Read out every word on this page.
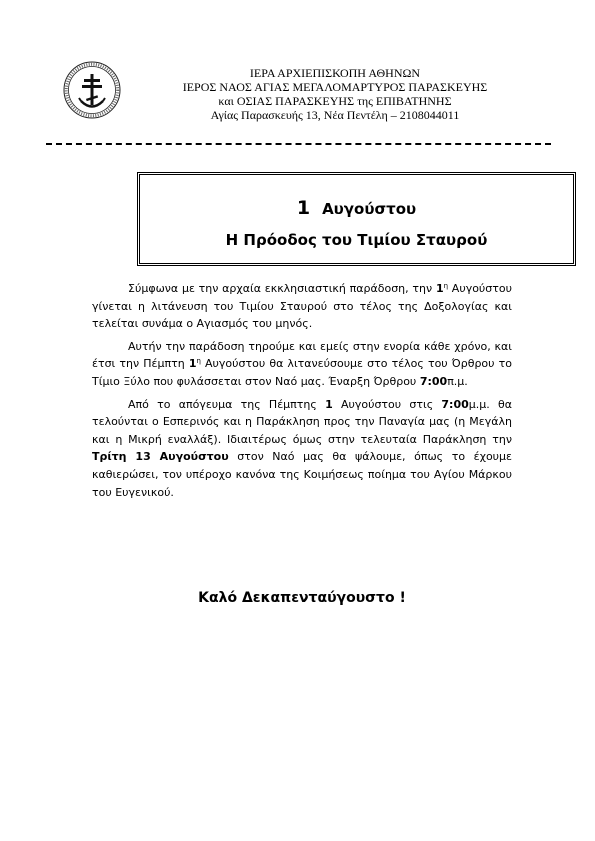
ΙΕΡΑ ΑΡΧΙΕΠΙΣΚΟΠΗ ΑΘΗΝΩΝ
ΙΕΡΟΣ ΝΑΟΣ ΑΓΙΑΣ ΜΕΓΑΛΟΜΑΡΤΥΡΟΣ ΠΑΡΑΣΚΕΥΗΣ
και ΟΣΙΑΣ ΠΑΡΑΣΚΕΥΗΣ της ΕΠΙΒΑΤΗΝΗΣ
Αγίας Παρασκευής 13, Νέα Πεντέλη – 2108044011
1 Αυγούστου
Η Πρόοδος του Τιμίου Σταυρού

Σύμφωνα με την αρχαία εκκλησιαστική παράδοση, την $1^\eta$ Αυγούστου γίνεται η λιτάνευση του Τιμίου Σταυρού στο τέλος της Δοξολογίας και τελείται συνάμα ο Αγιασμός του μηνός.

Αυτήν την παράδοση τηρούμε και εμείς στην ενορία κάθε χρόνο, και έτσι την Πέμπτη $1^\eta$ Αυγούστου θα λιτανεύσουμε στο τέλος του Όρθρου το Τίμιο Ξύλο που φυλάσσεται στον Ναό μας. Έναρξη Όρθρου 7:00π.μ.

Από το απόγευμα της Πέμπτης 1 Αυγούστου στις 7:00μ.μ. θα τελούνται ο Εσπερινός και η Παράκληση προς την Παναγία μας (η Μεγάλη και η Μικρή εναλλάξ). Ιδιαιτέρως όμως στην τελευταία Παράκληση την Τρίτη 13 Αυγούστου στον Ναό μας θα ψάλουμε, όπως το έχουμε καθιερώσει, τον υπέροχο κανόνα της Κοιμήσεως ποίημα του Αγίου Μάρκου του Ευγενικού.

Καλό Δεκαπενταύγουστο !
